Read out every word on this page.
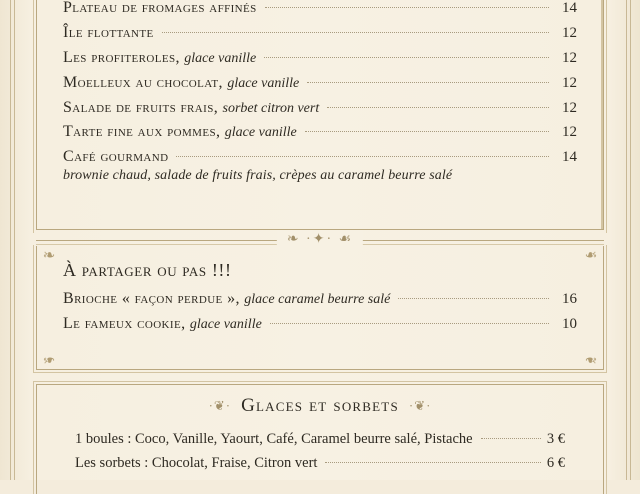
Plateau de fromages affinés	14
Île flottante	12
Les profiteroles, glace vanille	12
Moelleux au chocolat, glace vanille	12
Salade de fruits frais, sorbet citron vert	12
Tarte fine aux pommes, glace vanille	12
Café gourmand	14
brownie chaud, salade de fruits frais, crèpes au caramel beurre salé
❧ ·✦· ☙
❧	❧
❧	❧
À partager ou pas !!!
Brioche « façon perdue », glace caramel beurre salé	16
Le fameux cookie, glace vanille	10
·❦· Glaces et sorbets ·❦·
1 boules : Coco, Vanille, Yaourt, Café, Caramel beurre salé, Pistache	3 €
Les sorbets : Chocolat, Fraise, Citron vert	6 €
